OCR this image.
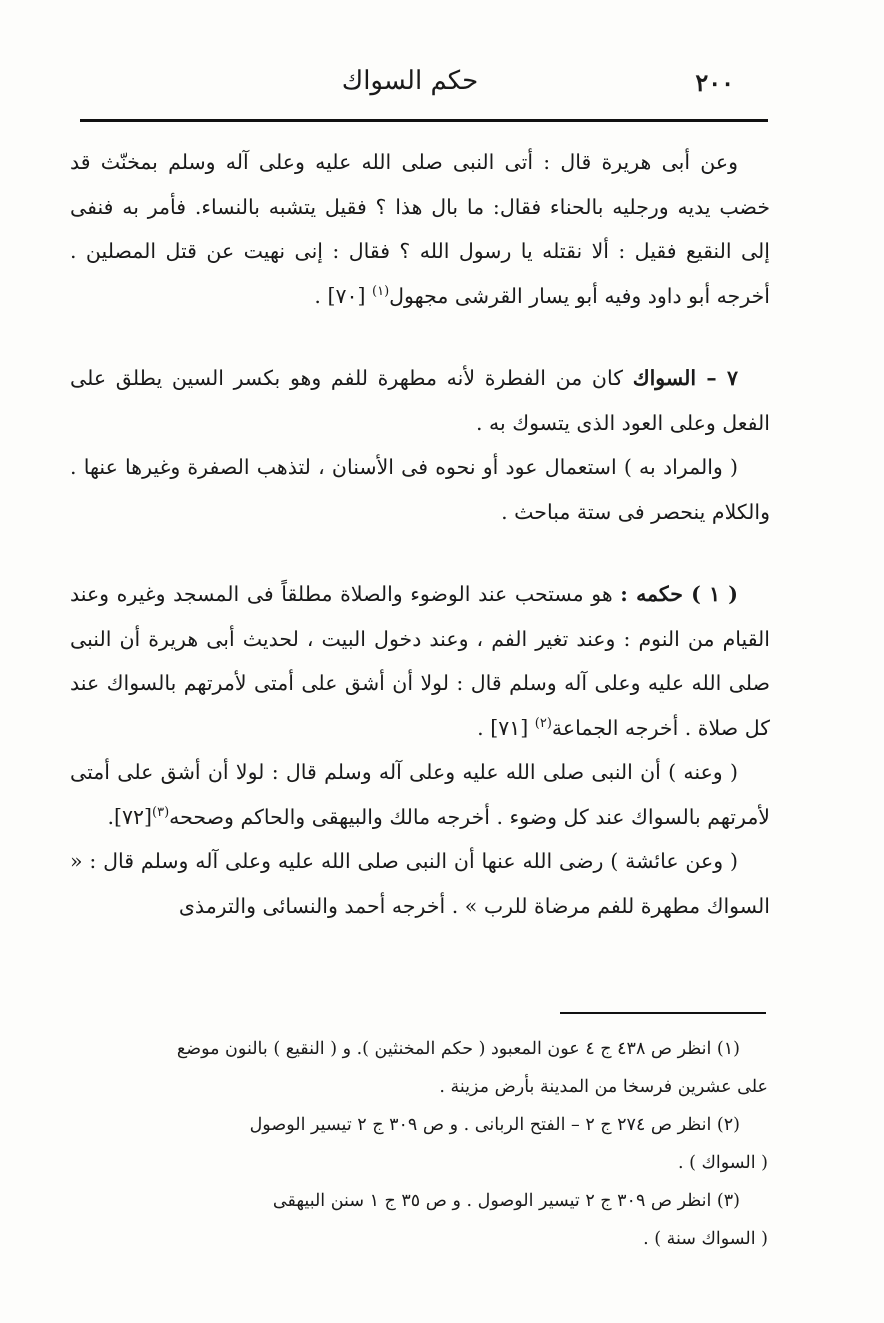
٢٠٠
حكم السواك

وعن أبى هريرة قال : أتى النبى صلى الله عليه وعلى آله وسلم بمخنّث قد خضب يديه ورجليه بالحناء فقال: ما بال هذا ؟ فقيل يتشبه بالنساء. فأمر به فنفى إلى النقيع فقيل : ألا نقتله يا رسول الله ؟ فقال : إنى نهيت عن قتل المصلين . أخرجه أبو داود وفيه أبو يسار القرشى مجهول$^{(١)}$ [٧٠] .

٧ – السواك كان من الفطرة لأنه مطهرة للفم وهو بكسر السين يطلق على الفعل وعلى العود الذى يتسوك به .

( والمراد به ) استعمال عود أو نحوه فى الأسنان ، لتذهب الصفرة وغيرها عنها . والكلام ينحصر فى ستة مباحث .

( ١ ) حكمه : هو مستحب عند الوضوء والصلاة مطلقاً فى المسجد وغيره وعند القيام من النوم : وعند تغير الفم ، وعند دخول البيت ، لحديث أبى هريرة أن النبى صلى الله عليه وعلى آله وسلم قال : لولا أن أشق على أمتى لأمرتهم بالسواك عند كل صلاة . أخرجه الجماعة$^{(٢)}$ [٧١] .

( وعنه ) أن النبى صلى الله عليه وعلى آله وسلم قال : لولا أن أشق على أمتى لأمرتهم بالسواك عند كل وضوء . أخرجه مالك والبيهقى والحاكم وصححه$^{(٣)}$[٧٢].

( وعن عائشة ) رضى الله عنها أن النبى صلى الله عليه وعلى آله وسلم قال : « السواك مطهرة للفم مرضاة للرب » . أخرجه أحمد والنسائى والترمذى

(١) انظر ص ٤٣٨ ج ٤ عون المعبود ( حكم المخنثين ). و ( النقيع ) بالنون موضع
على عشرين فرسخا من المدينة بأرض مزينة .

(٢) انظر ص ٢٧٤ ج ٢ – الفتح الربانى . و ص ٣٠٩ ج ٢ تيسير الوصول
( السواك ) .

(٣) انظر ص ٣٠٩ ج ٢ تيسير الوصول . و ص ٣٥ ج ١ سنن البيهقى
( السواك سنة ) .
